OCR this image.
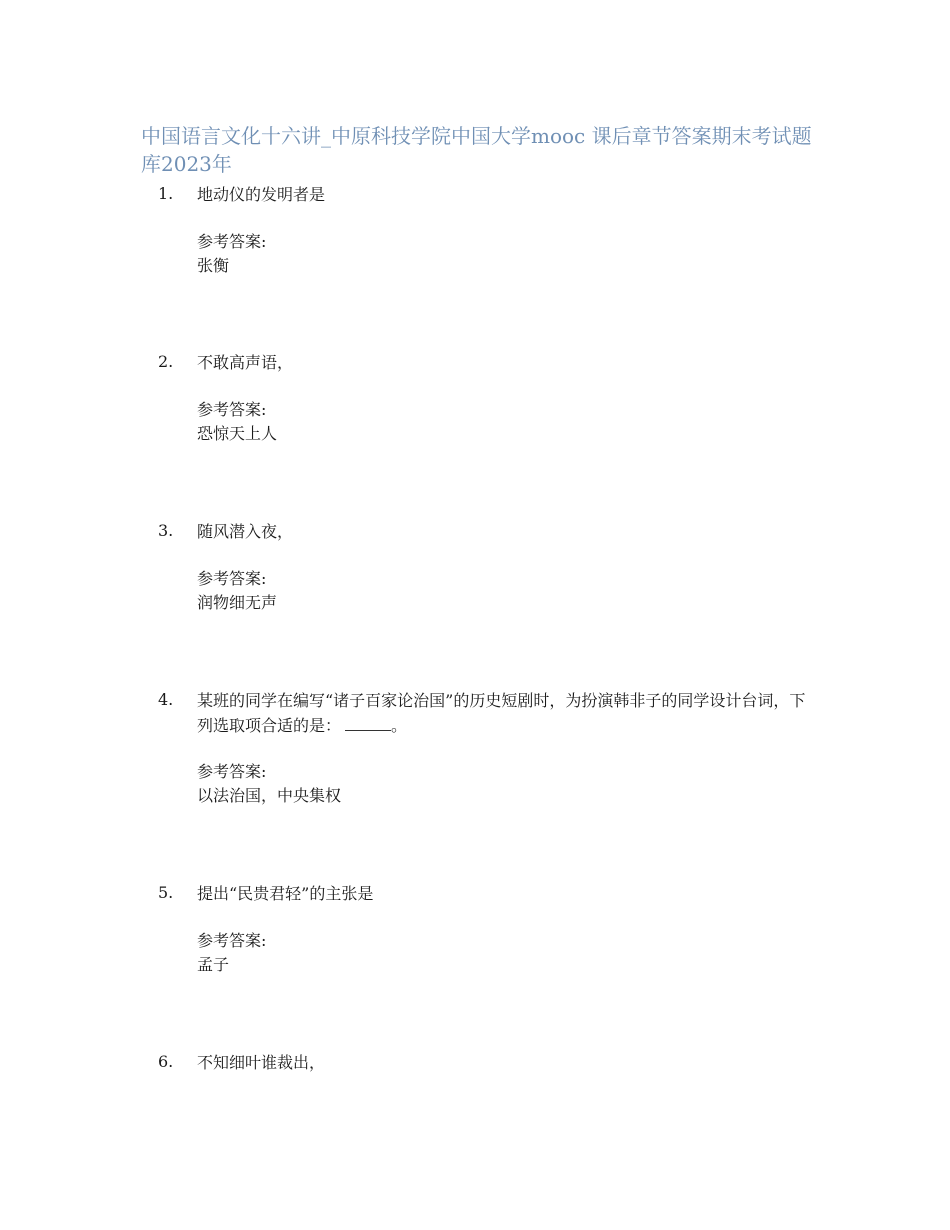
中国语言文化十六讲_中原科技学院中国大学mooc 课后章节答案期末考试题库2023年
1. 地动仪的发明者是
参考答案:
张衡
2. 不敢高声语，
参考答案:
恐惊天上人
3. 随风潜入夜，
参考答案:
润物细无声
4. 某班的同学在编写“诸子百家论治国”的历史短剧时，为扮演韩非子的同学设计台词，下列选取项合适的是：	。
参考答案:
以法治国，中央集权
5. 提出“民贵君轻”的主张是
参考答案:
孟子
6. 不知细叶谁裁出，
